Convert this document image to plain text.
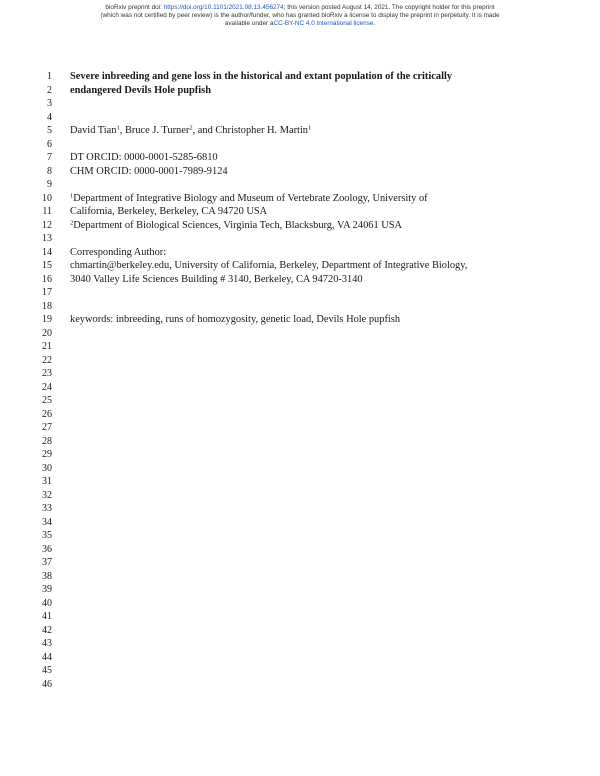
bioRxiv preprint doi: https://doi.org/10.1101/2021.08.13.456274; this version posted August 14, 2021. The copyright holder for this preprint
(which was not certified by peer review) is the author/funder, who has granted bioRxiv a license to display the preprint in perpetuity. It is made
available under aCC-BY-NC 4.0 International license.
1 Severe inbreeding and gene loss in the historical and extant population of the critically
2 endangered Devils Hole pupfish
5 David Tian$^1$, Bruce J. Turner$^2$, and Christopher H. Martin$^1$
7 DT ORCID: 0000-0001-5285-6810
8 CHM ORCID: 0000-0001-7989-9124
10	$^1$Department of Integrative Biology and Museum of Vertebrate Zoology, University of
11 California, Berkeley, Berkeley, CA 94720 USA
12	$^2$Department of Biological Sciences, Virginia Tech, Blacksburg, VA 24061 USA
14 Corresponding Author:
15 chmartin@berkeley.edu, University of California, Berkeley, Department of Integrative Biology,
16 3040 Valley Life Sciences Building # 3140, Berkeley, CA 94720-3140
19 keywords: inbreeding, runs of homozygosity, genetic load, Devils Hole pupfish
3
4
6
9
13
17
18
20
21
22
23
24
25
26
27
28
29
30
31
32
33
34
35
36
37
38
39
40
41
42
43
44
45
46
